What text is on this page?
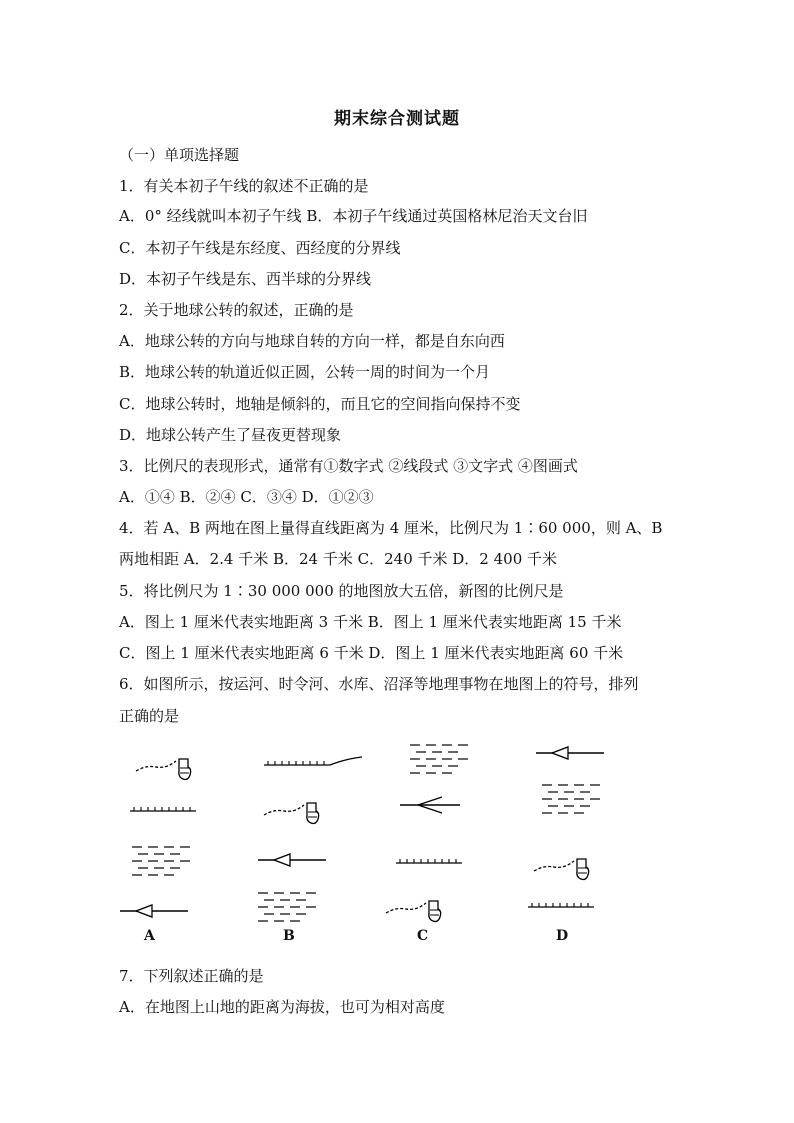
期末综合测试题
（一）单项选择题
1．有关本初子午线的叙述不正确的是
A．0° 经线就叫本初子午线 B．本初子午线通过英国格林尼治天文台旧
C．本初子午线是东经度、西经度的分界线
D．本初子午线是东、西半球的分界线
2．关于地球公转的叙述，正确的是
A．地球公转的方向与地球自转的方向一样，都是自东向西
B．地球公转的轨道近似正圆，公转一周的时间为一个月
C．地球公转时，地轴是倾斜的，而且它的空间指向保持不变
D．地球公转产生了昼夜更替现象
3．比例尺的表现形式，通常有①数字式 ②线段式 ③文字式 ④图画式
A．①④ B．②④ C．③④ D．①②③
4．若 A、B 两地在图上量得直线距离为 4 厘米，比例尺为 1∶60 000，则 A、B
两地相距 A．2.4 千米 B．24 千米 C．240 千米 D．2 400 千米
5．将比例尺为 1∶30 000 000 的地图放大五倍，新图的比例尺是
A．图上 1 厘米代表实地距离 3 千米 B．图上 1 厘米代表实地距离 15 千米
C．图上 1 厘米代表实地距离 6 千米 D．图上 1 厘米代表实地距离 60 千米
6．如图所示，按运河、时令河、水库、沼泽等地理事物在地图上的符号，排列
正确的是
A	B	C	D
7．下列叙述正确的是
A．在地图上山地的距离为海拔，也可为相对高度
